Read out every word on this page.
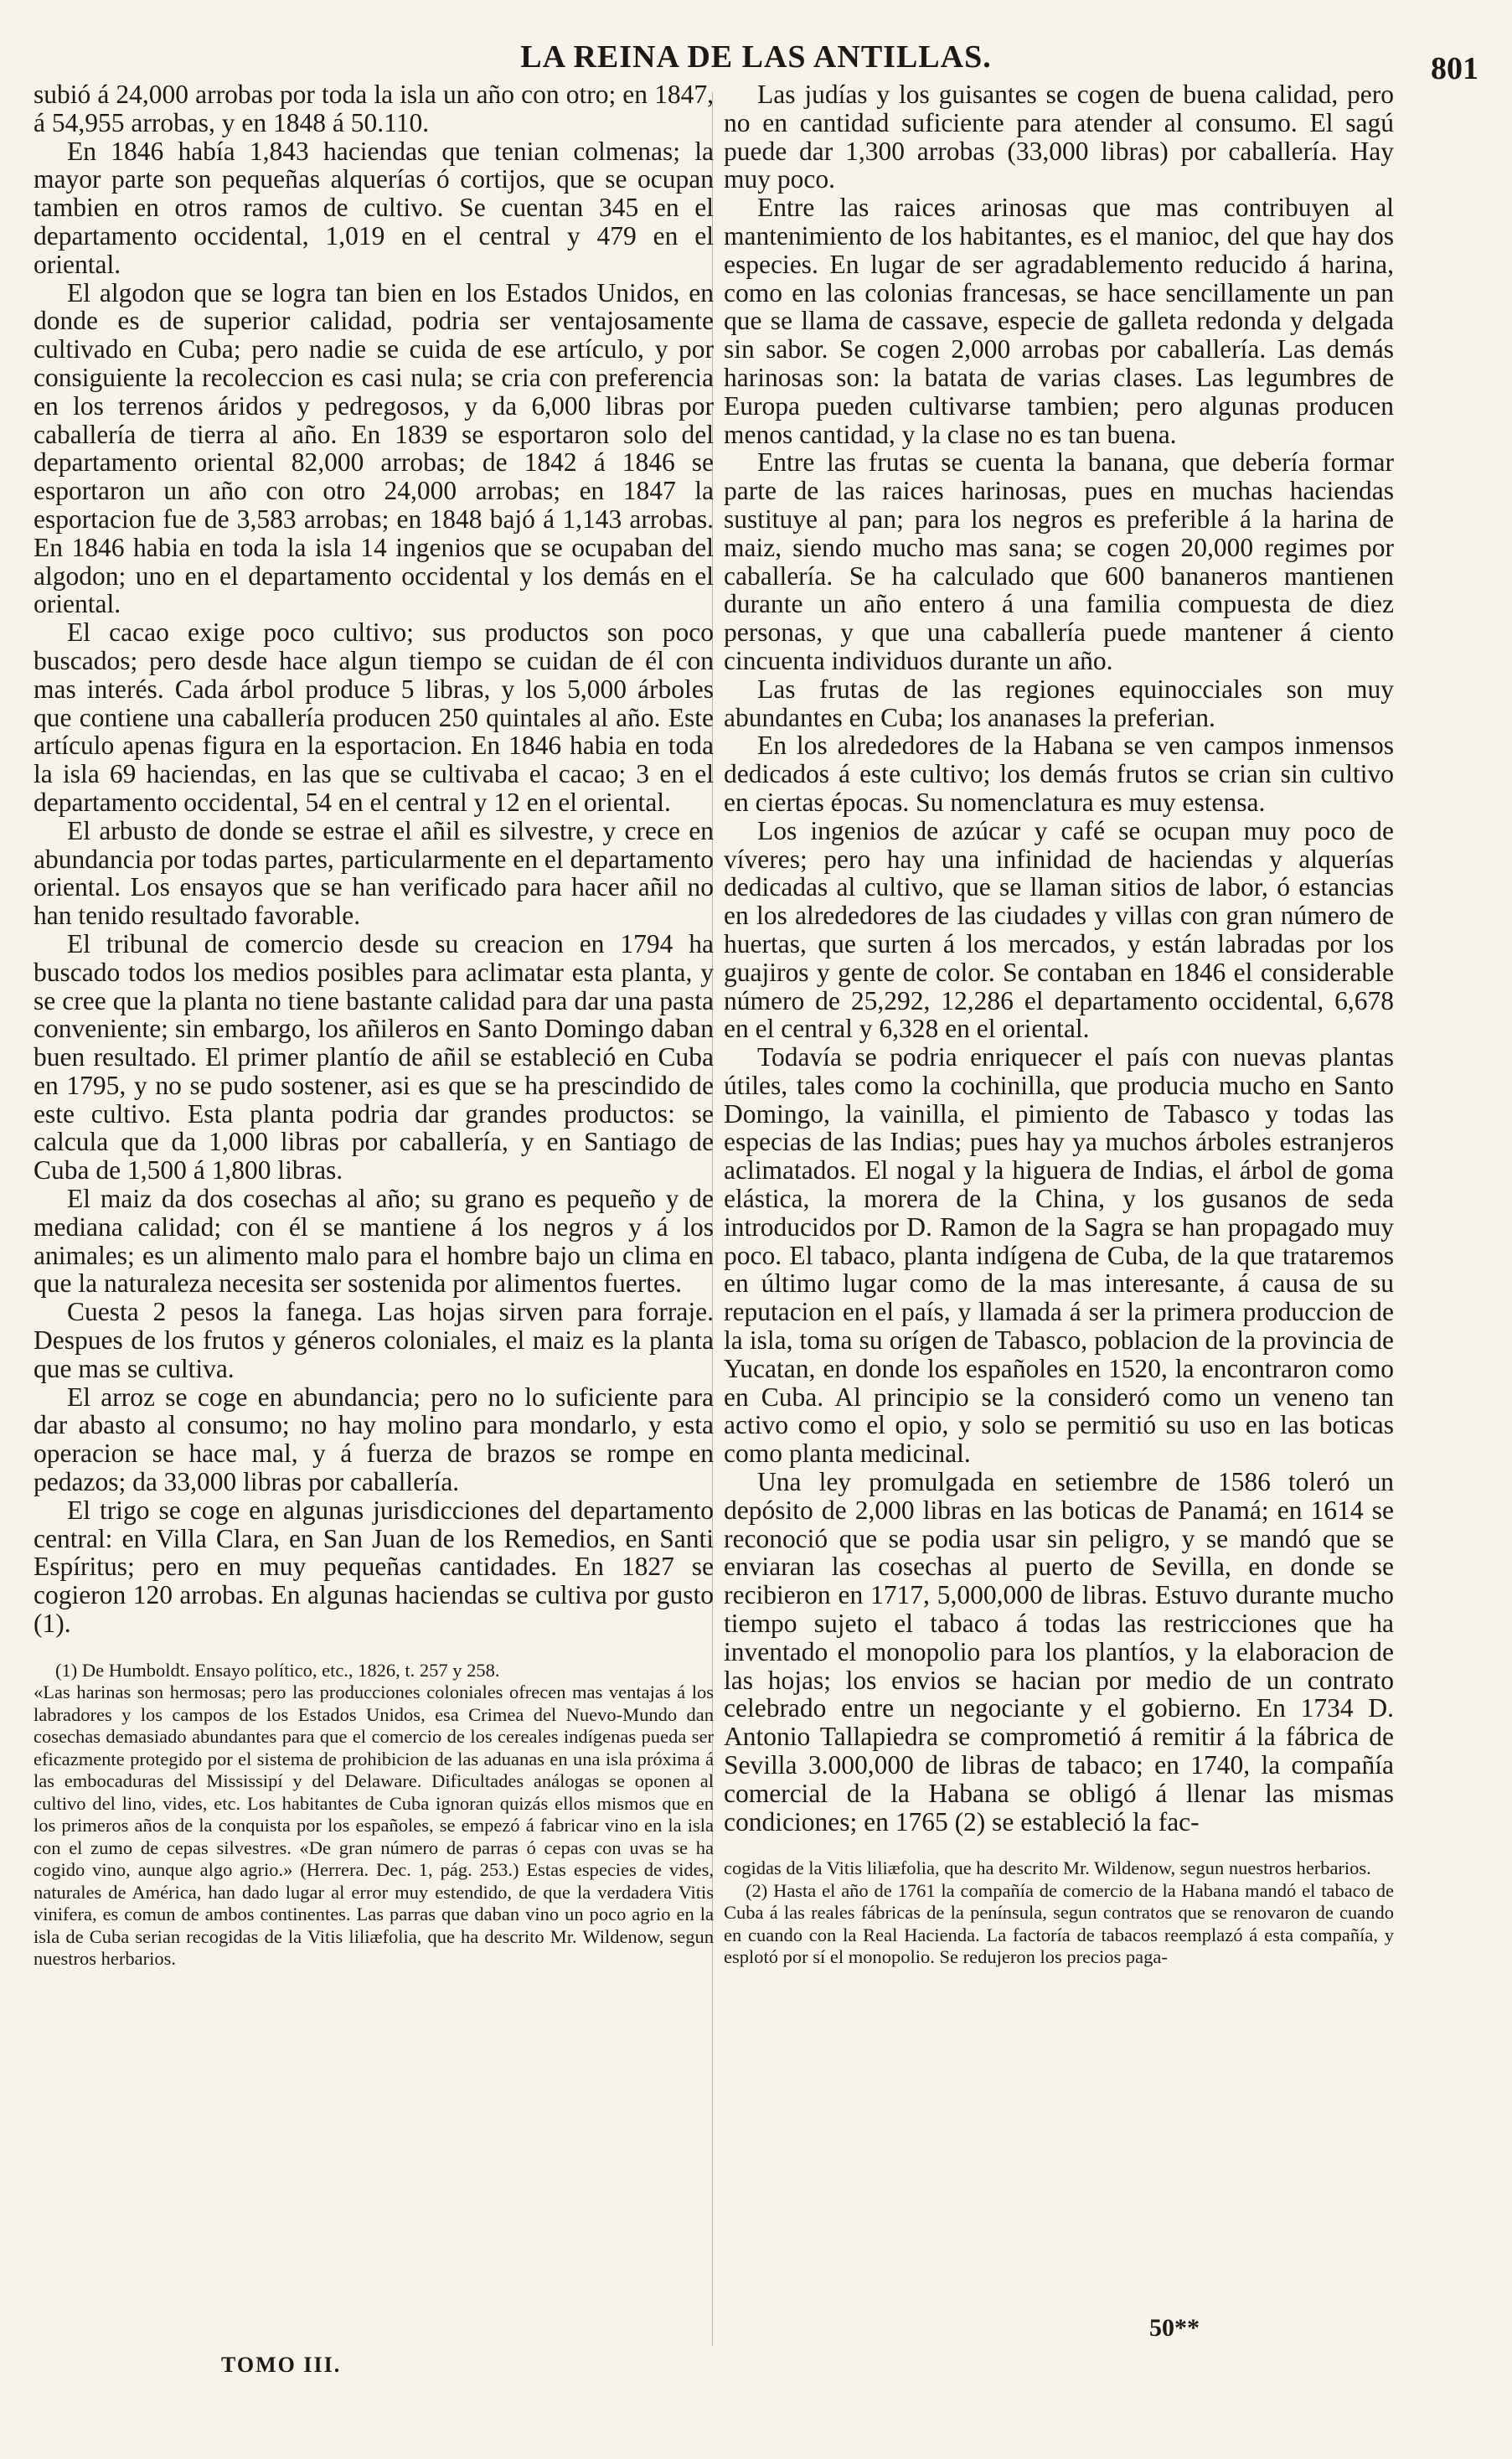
LA REINA DE LAS ANTILLAS.	801

subió á 24,000 arrobas por toda la isla un año con otro; en 1847, á 54,955 arrobas, y en 1848 á 50.110.

En 1846 había 1,843 haciendas que tenian colmenas; la mayor parte son pequeñas alquerías ó cortijos, que se ocupan tambien en otros ramos de cultivo. Se cuentan 345 en el departamento occidental, 1,019 en el central y 479 en el oriental.

El algodon que se logra tan bien en los Estados Unidos, en donde es de superior calidad, podria ser ventajosamente cultivado en Cuba; pero nadie se cuida de ese artículo, y por consiguiente la recoleccion es casi nula; se cria con preferencia en los terrenos áridos y pedregosos, y da 6,000 libras por caballería de tierra al año. En 1839 se esportaron solo del departamento oriental 82,000 arrobas; de 1842 á 1846 se esportaron un año con otro 24,000 arrobas; en 1847 la esportacion fue de 3,583 arrobas; en 1848 bajó á 1,143 arrobas. En 1846 habia en toda la isla 14 ingenios que se ocupaban del algodon; uno en el departamento occidental y los demás en el oriental.

El cacao exige poco cultivo; sus productos son poco buscados; pero desde hace algun tiempo se cuidan de él con mas interés. Cada árbol produce 5 libras, y los 5,000 árboles que contiene una caballería producen 250 quintales al año. Este artículo apenas figura en la esportacion. En 1846 habia en toda la isla 69 haciendas, en las que se cultivaba el cacao; 3 en el departamento occidental, 54 en el central y 12 en el oriental.

El arbusto de donde se estrae el añil es silvestre, y crece en abundancia por todas partes, particularmente en el departamento oriental. Los ensayos que se han verificado para hacer añil no han tenido resultado favorable.

El tribunal de comercio desde su creacion en 1794 ha buscado todos los medios posibles para aclimatar esta planta, y se cree que la planta no tiene bastante calidad para dar una pasta conveniente; sin embargo, los añileros en Santo Domingo daban buen resultado. El primer plantío de añil se estableció en Cuba en 1795, y no se pudo sostener, asi es que se ha prescindido de este cultivo. Esta planta podria dar grandes productos: se calcula que da 1,000 libras por caballería, y en Santiago de Cuba de 1,500 á 1,800 libras.

El maiz da dos cosechas al año; su grano es pequeño y de mediana calidad; con él se mantiene á los negros y á los animales; es un alimento malo para el hombre bajo un clima en que la naturaleza necesita ser sostenida por alimentos fuertes.

Cuesta 2 pesos la fanega. Las hojas sirven para forraje. Despues de los frutos y géneros coloniales, el maiz es la planta que mas se cultiva.

El arroz se coge en abundancia; pero no lo suficiente para dar abasto al consumo; no hay molino para mondarlo, y esta operacion se hace mal, y á fuerza de brazos se rompe en pedazos; da 33,000 libras por caballería.

El trigo se coge en algunas jurisdicciones del departamento central: en Villa Clara, en San Juan de los Remedios, en Santi Espíritus; pero en muy pequeñas cantidades. En 1827 se cogieron 120 arrobas. En algunas haciendas se cultiva por gusto (1).

(1) De Humboldt. Ensayo político, etc., 1826, t. 257 y 258.

«Las harinas son hermosas; pero las producciones coloniales ofrecen mas ventajas á los labradores y los campos de los Estados Unidos, esa Crimea del Nuevo-Mundo dan cosechas demasiado abundantes para que el comercio de los cereales indígenas pueda ser eficazmente protegido por el sistema de prohibicion de las aduanas en una isla próxima á las embocaduras del Mississipí y del Delaware. Dificultades análogas se oponen al cultivo del lino, vides, etc. Los habitantes de Cuba ignoran quizás ellos mismos que en los primeros años de la conquista por los españoles, se empezó á fabricar vino en la isla con el zumo de cepas silvestres. «De gran número de parras ó cepas con uvas se ha cogido vino, aunque algo agrio.» (Herrera. Dec. 1, pág. 253.) Estas especies de vides, naturales de América, han dado lugar al error muy estendido, de que la verdadera Vitis vinifera, es comun de ambos continentes. Las parras que daban vino un poco agrio en la isla de Cuba serian recogidas de la Vitis liliæfolia, que ha descrito Mr. Wildenow, segun nuestros herbarios.

Las judías y los guisantes se cogen de buena calidad, pero no en cantidad suficiente para atender al consumo. El sagú puede dar 1,300 arrobas (33,000 libras) por caballería. Hay muy poco.

Entre las raices arinosas que mas contribuyen al mantenimiento de los habitantes, es el manioc, del que hay dos especies. En lugar de ser agradablemento reducido á harina, como en las colonias francesas, se hace sencillamente un pan que se llama de cassave, especie de galleta redonda y delgada sin sabor. Se cogen 2,000 arrobas por caballería. Las demás harinosas son: la batata de varias clases. Las legumbres de Europa pueden cultivarse tambien; pero algunas producen menos cantidad, y la clase no es tan buena.

Entre las frutas se cuenta la banana, que debería formar parte de las raices harinosas, pues en muchas haciendas sustituye al pan; para los negros es preferible á la harina de maiz, siendo mucho mas sana; se cogen 20,000 regimes por caballería. Se ha calculado que 600 bananeros mantienen durante un año entero á una familia compuesta de diez personas, y que una caballería puede mantener á ciento cincuenta individuos durante un año.

Las frutas de las regiones equinocciales son muy abundantes en Cuba; los ananases la preferian.

En los alrededores de la Habana se ven campos inmensos dedicados á este cultivo; los demás frutos se crian sin cultivo en ciertas épocas. Su nomenclatura es muy estensa.

Los ingenios de azúcar y café se ocupan muy poco de víveres; pero hay una infinidad de haciendas y alquerías dedicadas al cultivo, que se llaman sitios de labor, ó estancias en los alrededores de las ciudades y villas con gran número de huertas, que surten á los mercados, y están labradas por los guajiros y gente de color. Se contaban en 1846 el considerable número de 25,292, 12,286 el departamento occidental, 6,678 en el central y 6,328 en el oriental.

Todavía se podria enriquecer el país con nuevas plantas útiles, tales como la cochinilla, que producia mucho en Santo Domingo, la vainilla, el pimiento de Tabasco y todas las especias de las Indias; pues hay ya muchos árboles estranjeros aclimatados. El nogal y la higuera de Indias, el árbol de goma elástica, la morera de la China, y los gusanos de seda introducidos por D. Ramon de la Sagra se han propagado muy poco. El tabaco, planta indígena de Cuba, de la que trataremos en último lugar como de la mas interesante, á causa de su reputacion en el país, y llamada á ser la primera produccion de la isla, toma su orígen de Tabasco, poblacion de la provincia de Yucatan, en donde los españoles en 1520, la encontraron como en Cuba. Al principio se la consideró como un veneno tan activo como el opio, y solo se permitió su uso en las boticas como planta medicinal.

Una ley promulgada en setiembre de 1586 toleró un depósito de 2,000 libras en las boticas de Panamá; en 1614 se reconoció que se podia usar sin peligro, y se mandó que se enviaran las cosechas al puerto de Sevilla, en donde se recibieron en 1717, 5,000,000 de libras. Estuvo durante mucho tiempo sujeto el tabaco á todas las restricciones que ha inventado el monopolio para los plantíos, y la elaboracion de las hojas; los envios se hacian por medio de un contrato celebrado entre un negociante y el gobierno. En 1734 D. Antonio Tallapiedra se comprometió á remitir á la fábrica de Sevilla 3.000,000 de libras de tabaco; en 1740, la compañía comercial de la Habana se obligó á llenar las mismas condiciones; en 1765 (2) se estableció la fac-

cogidas de la Vitis liliæfolia, que ha descrito Mr. Wildenow, segun nuestros herbarios.

(2) Hasta el año de 1761 la compañía de comercio de la Habana mandó el tabaco de Cuba á las reales fábricas de la península, segun contratos que se renovaron de cuando en cuando con la Real Hacienda. La factoría de tabacos reemplazó á esta compañía, y esplotó por sí el monopolio. Se redujeron los precios paga-

TOMO III.
50**
